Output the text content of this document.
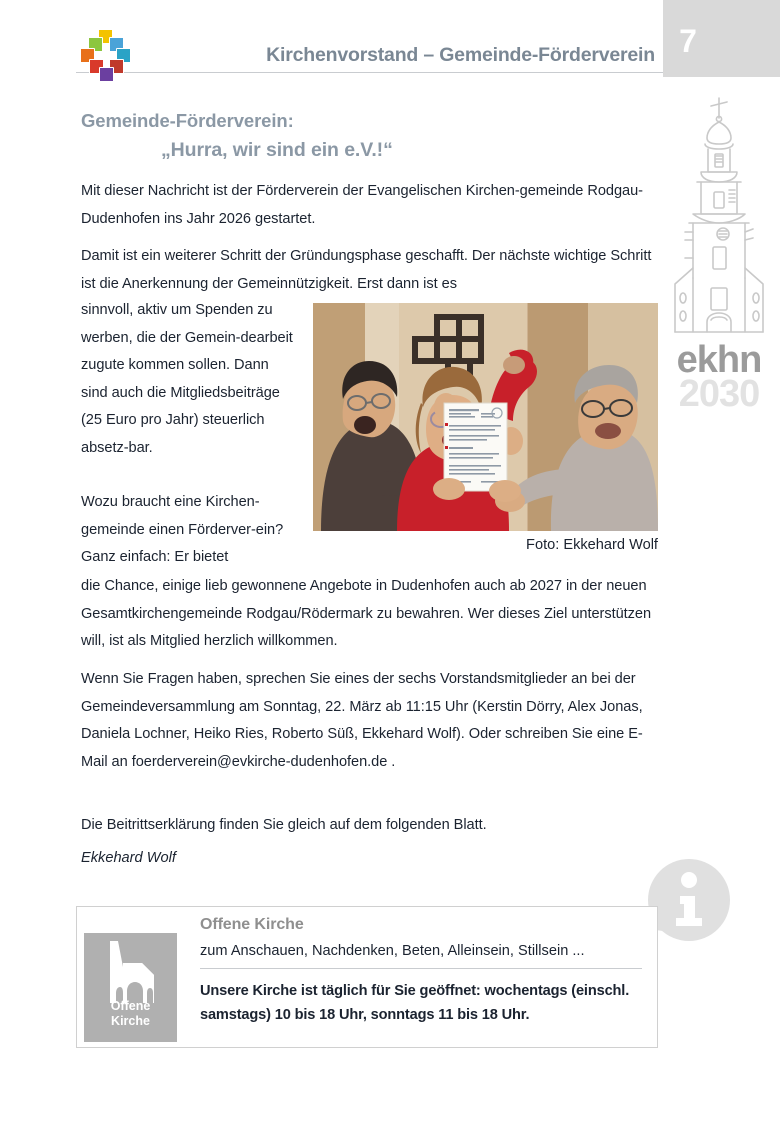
7
Kirchenvorstand – Gemeinde-Förderverein
ekhn
2030
Gemeinde-Förderverein:
„Hurra, wir sind ein e.V.!“
Mit dieser Nachricht ist der Förderverein der Evangelischen Kirchen-gemeinde Rodgau-Dudenhofen ins Jahr 2026 gestartet.
Damit ist ein weiterer Schritt der Gründungsphase geschafft. Der nächste wichtige Schritt ist die Anerkennung der Gemeinnützigkeit. Erst dann ist es
sinnvoll, aktiv um Spenden zu werben, die der Gemein-dearbeit zugute kommen sollen. Dann sind auch die Mitgliedsbeiträge (25 Euro pro Jahr) steuerlich absetz-bar.
Wozu braucht eine Kirchen-gemeinde einen Förderver-ein? Ganz einfach: Er bietet
die Chance, einige lieb gewonnene Angebote in Dudenhofen auch ab 2027 in der neuen Gesamtkirchengemeinde Rodgau/Rödermark zu bewahren. Wer dieses Ziel unterstützen will, ist als Mitglied herzlich willkommen.
Wenn Sie Fragen haben, sprechen Sie eines der sechs Vorstandsmitglieder an bei der Gemeindeversammlung am Sonntag, 22. März ab 11:15 Uhr (Kerstin Dörry, Alex Jonas, Daniela Lochner, Heiko Ries, Roberto Süß, Ekkehard Wolf). Oder schreiben Sie eine E-Mail an foerderverein@evkirche-dudenhofen.de .
Die Beitrittserklärung finden Sie gleich auf dem folgenden Blatt.
Ekkehard Wolf
Foto: Ekkehard Wolf
Offene
Kirche
Offene Kirche
zum Anschauen, Nachdenken, Beten, Alleinsein, Stillsein ...
Unsere Kirche ist täglich für Sie geöffnet: wochentags (einschl. samstags) 10 bis 18 Uhr, sonntags 11 bis 18 Uhr.
